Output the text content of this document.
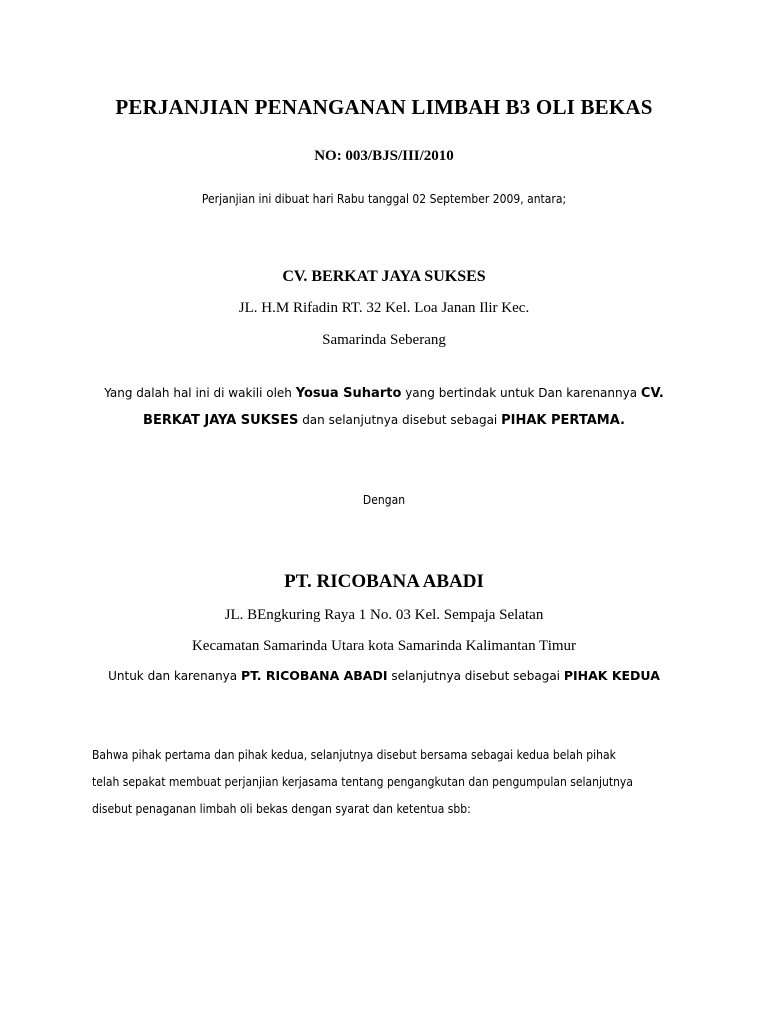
PERJANJIAN PENANGANAN LIMBAH B3 OLI BEKAS
NO: 003/BJS/III/2010
Perjanjian ini dibuat hari Rabu tanggal 02 September 2009, antara;
CV. BERKAT JAYA SUKSES
JL. H.M Rifadin RT. 32 Kel. Loa Janan Ilir Kec.
Samarinda Seberang
Yang dalah hal ini di wakili oleh Yosua Suharto yang bertindak untuk Dan karenannya CV. BERKAT JAYA SUKSES dan selanjutnya disebut sebagai PIHAK PERTAMA.
Dengan
PT. RICOBANA ABADI
JL. BEngkuring Raya 1 No. 03 Kel. Sempaja Selatan
Kecamatan Samarinda Utara kota Samarinda Kalimantan Timur
Untuk dan karenanya PT. RICOBANA ABADI selanjutnya disebut sebagai PIHAK KEDUA
Bahwa pihak pertama dan pihak kedua, selanjutnya disebut bersama sebagai kedua belah pihak
telah sepakat membuat perjanjian kerjasama tentang pengangkutan dan pengumpulan selanjutnya
disebut penaganan limbah oli bekas dengan syarat dan ketentua sbb:
